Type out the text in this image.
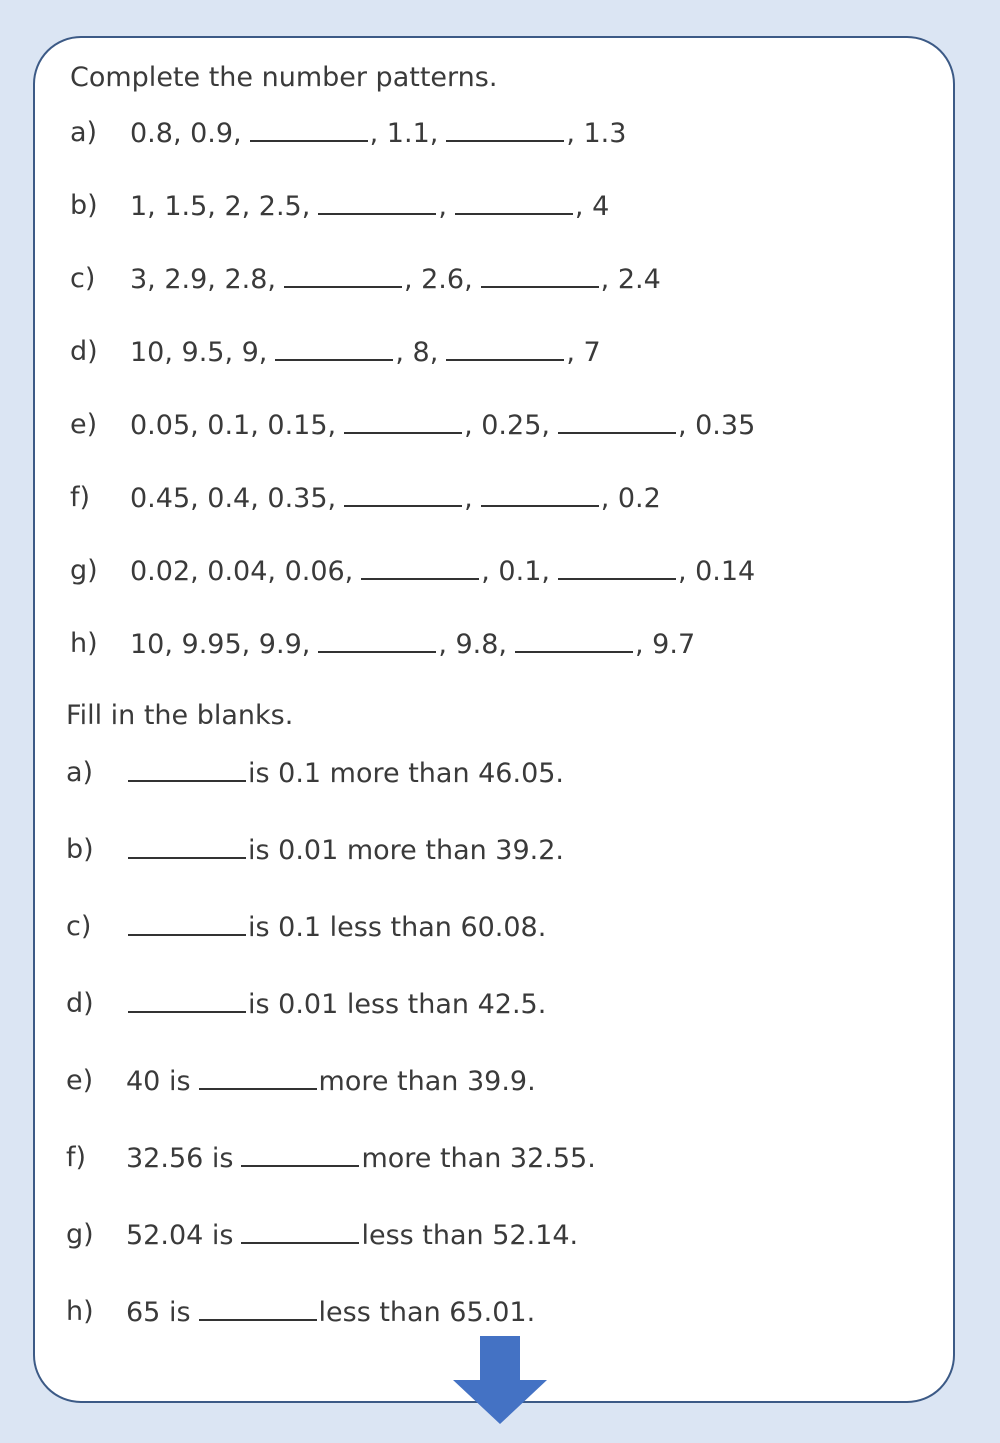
Complete the number patterns.
a) 0.8, 0.9,	, 1.1,	, 1.3
b) 1, 1.5, 2, 2.5,	,	, 4
c) 3, 2.9, 2.8,	, 2.6,	, 2.4
d) 10, 9.5, 9,	, 8,	, 7
e) 0.05, 0.1, 0.15,	, 0.25,	, 0.35
f) 0.45, 0.4, 0.35,	,	, 0.2
g) 0.02, 0.04, 0.06,	, 0.1,	, 0.14
h) 10, 9.95, 9.9,	, 9.8,	, 9.7
Fill in the blanks.
a)	is 0.1 more than 46.05.
b)	is 0.01 more than 39.2.
c)	is 0.1 less than 60.08.
d)	is 0.01 less than 42.5.
e) 40 is	more than 39.9.
f) 32.56 is	more than 32.55.
g) 52.04 is	less than 52.14.
h) 65 is	less than 65.01.
